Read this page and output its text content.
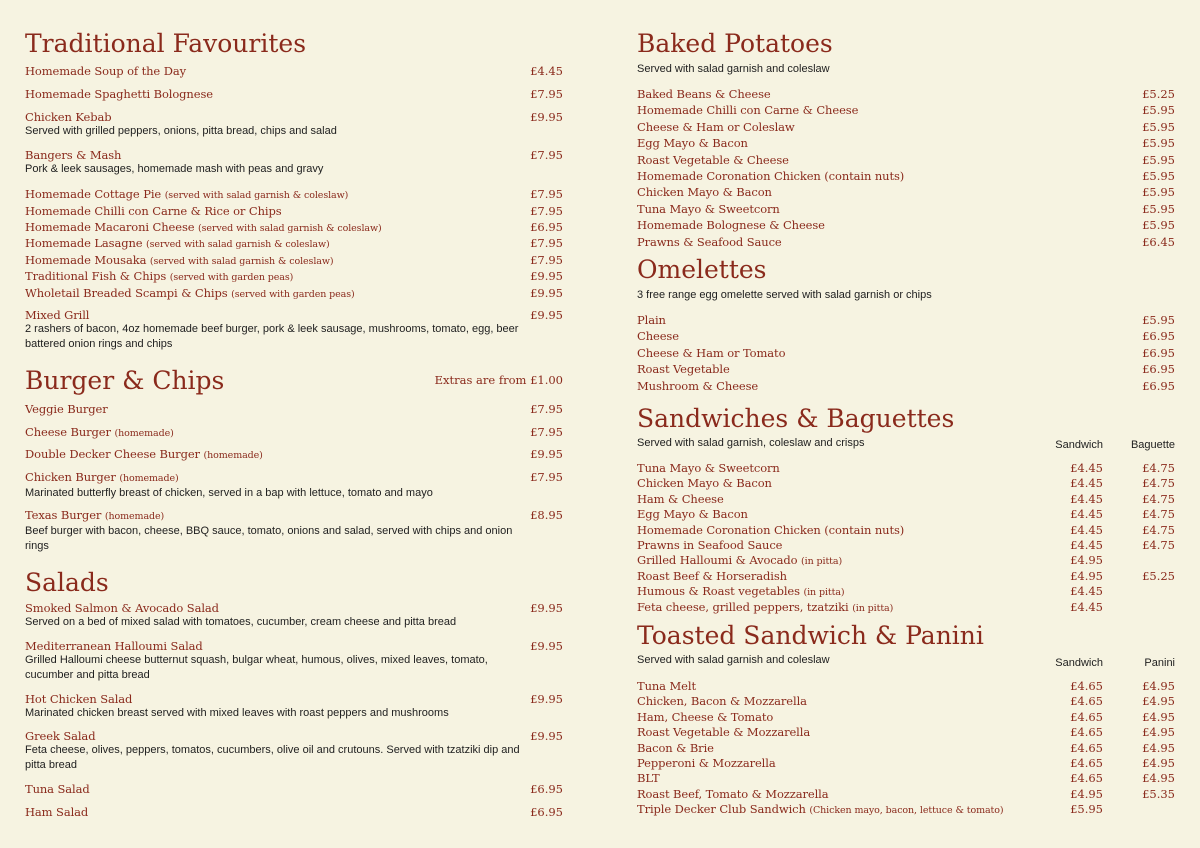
Traditional Favourites
Homemade Soup of the Day	£4.45
Homemade Spaghetti Bolognese	£7.95
Chicken Kebab	£9.95
Served with grilled peppers, onions, pitta bread, chips and salad
Bangers & Mash	£7.95
Pork & leek sausages, homemade mash with peas and gravy
Homemade Cottage Pie (served with salad garnish & coleslaw)	£7.95
Homemade Chilli con Carne & Rice or Chips	£7.95
Homemade Macaroni Cheese (served with salad garnish & coleslaw)	£6.95
Homemade Lasagne (served with salad garnish & coleslaw)	£7.95
Homemade Mousaka (served with salad garnish & coleslaw)	£7.95
Traditional Fish & Chips (served with garden peas)	£9.95
Wholetail Breaded Scampi & Chips (served with garden peas)	£9.95
Mixed Grill	£9.95
2 rashers of bacon, 4oz homemade beef burger, pork & leek sausage, mushrooms, tomato, egg, beer battered onion rings and chips
Burger & Chips	Extras are from £1.00
Veggie Burger	£7.95
Cheese Burger (homemade)	£7.95
Double Decker Cheese Burger (homemade)	£9.95
Chicken Burger (homemade)	£7.95
Marinated butterfly breast of chicken, served in a bap with lettuce, tomato and mayo
Texas Burger (homemade)	£8.95
Beef burger with bacon, cheese, BBQ sauce, tomato, onions and salad, served with chips and onion rings
Salads
Smoked Salmon & Avocado Salad	£9.95
Served on a bed of mixed salad with tomatoes, cucumber, cream cheese and pitta bread
Mediterranean Halloumi Salad	£9.95
Grilled Halloumi cheese butternut squash, bulgar wheat, humous, olives, mixed leaves, tomato, cucumber and pitta bread
Hot Chicken Salad	£9.95
Marinated chicken breast served with mixed leaves with roast peppers and mushrooms
Greek Salad	£9.95
Feta cheese, olives, peppers, tomatos, cucumbers, olive oil and crutouns. Served with tzatziki dip and pitta bread
Tuna Salad	£6.95
Ham Salad	£6.95
Baked Potatoes
Served with salad garnish and coleslaw
Baked Beans & Cheese	£5.25
Homemade Chilli con Carne & Cheese	£5.95
Cheese & Ham or Coleslaw	£5.95
Egg Mayo & Bacon	£5.95
Roast Vegetable & Cheese	£5.95
Homemade Coronation Chicken (contain nuts)	£5.95
Chicken Mayo & Bacon	£5.95
Tuna Mayo & Sweetcorn	£5.95
Homemade Bolognese & Cheese	£5.95
Prawns & Seafood Sauce	£6.45
Omelettes
3 free range egg omelette served with salad garnish or chips
Plain	£5.95
Cheese	£6.95
Cheese & Ham or Tomato	£6.95
Roast Vegetable	£6.95
Mushroom & Cheese	£6.95
Sandwiches & Baguettes
Served with salad garnish, coleslaw and crisps	Sandwich	Baguette
Tuna Mayo & Sweetcorn	£4.45	£4.75
Chicken Mayo & Bacon	£4.45	£4.75
Ham & Cheese	£4.45	£4.75
Egg Mayo & Bacon	£4.45	£4.75
Homemade Coronation Chicken (contain nuts)	£4.45	£4.75
Prawns in Seafood Sauce	£4.45	£4.75
Grilled Halloumi & Avocado (in pitta)	£4.95
Roast Beef & Horseradish	£4.95	£5.25
Humous & Roast vegetables (in pitta)	£4.45
Feta cheese, grilled peppers, tzatziki (in pitta)	£4.45
Toasted Sandwich & Panini
Served with salad garnish and coleslaw	Sandwich	Panini
Tuna Melt	£4.65	£4.95
Chicken, Bacon & Mozzarella	£4.65	£4.95
Ham, Cheese & Tomato	£4.65	£4.95
Roast Vegetable & Mozzarella	£4.65	£4.95
Bacon & Brie	£4.65	£4.95
Pepperoni & Mozzarella	£4.65	£4.95
BLT	£4.65	£4.95
Roast Beef, Tomato & Mozzarella	£4.95	£5.35
Triple Decker Club Sandwich (Chicken mayo, bacon, lettuce & tomato)	£5.95
